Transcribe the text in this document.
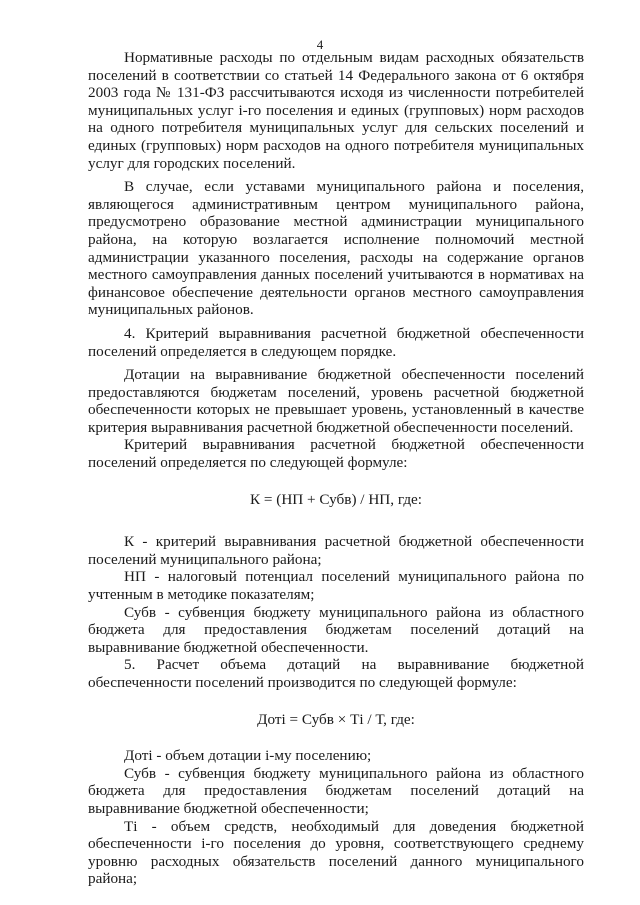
4

Нормативные расходы по отдельным видам расходных обязательств поселений в соответствии со статьей 14 Федерального закона от 6 октября 2003 года № 131-ФЗ рассчитываются исходя из численности потребителей муниципальных услуг i-го поселения и единых (групповых) норм расходов на одного потребителя муниципальных услуг для сельских поселений и единых (групповых) норм расходов на одного потребителя муниципальных услуг для городских поселений.

В случае, если уставами муниципального района и поселения, являющегося административным центром муниципального района, предусмотрено образование местной администрации муниципального района, на которую возлагается исполнение полномочий местной администрации указанного поселения, расходы на содержание органов местного самоуправления данных поселений учитываются в нормативах на финансовое обеспечение деятельности органов местного самоуправления муниципальных районов.

4. Критерий выравнивания расчетной бюджетной обеспеченности поселений определяется в следующем порядке.

Дотации на выравнивание бюджетной обеспеченности поселений предоставляются бюджетам поселений, уровень расчетной бюджетной обеспеченности которых не превышает уровень, установленный в качестве критерия выравнивания расчетной бюджетной обеспеченности поселений.

Критерий выравнивания расчетной бюджетной обеспеченности поселений определяется по следующей формуле:

К = (НП + Субв) / НП, где:

К - критерий выравнивания расчетной бюджетной обеспеченности поселений муниципального района;

НП - налоговый потенциал поселений муниципального района по учтенным в методике показателям;

Субв - субвенция бюджету муниципального района из областного бюджета для предоставления бюджетам поселений дотаций на выравнивание бюджетной обеспеченности.

5. Расчет объема дотаций на выравнивание бюджетной обеспеченности поселений производится по следующей формуле:

Дотi = Субв × Тi / Т, где:

Дотi - объем дотации i-му поселению;

Субв - субвенция бюджету муниципального района из областного бюджета для предоставления бюджетам поселений дотаций на выравнивание бюджетной обеспеченности;

Тi - объем средств, необходимый для доведения бюджетной обеспеченности i-го поселения до уровня, соответствующего среднему уровню расходных обязательств поселений данного муниципального района;
